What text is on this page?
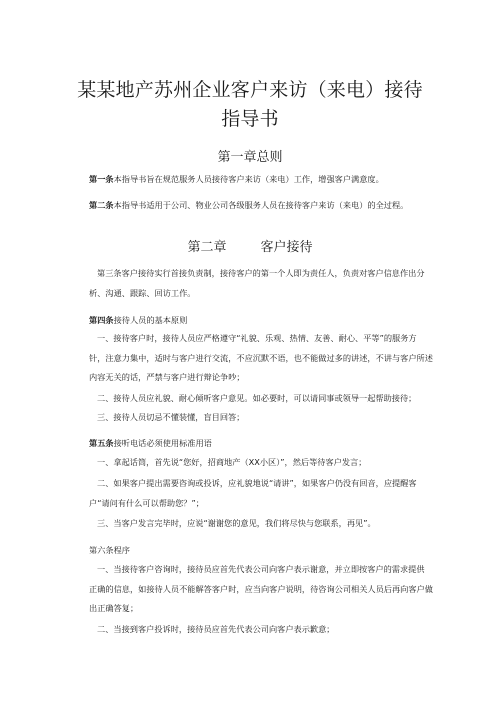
某某地产苏州企业客户来访（来电）接待
指导书
第一章总则
第一条本指导书旨在规范服务人员接待客户来访（来电）工作，增强客户满意度。
第二条本指导书适用于公司、物业公司各级服务人员在接待客户来访（来电）的全过程。
第二章	客户接待
第三条客户接待实行首接负责制，接待客户的第一个人即为责任人，负责对客户信息作出分
析、沟通、跟踪、回访工作。
第四条接待人员的基本原则
一、接待客户时，接待人员应严格遵守“礼貌、乐观、热情、友善、耐心、平等”的服务方
针，注意力集中，适时与客户进行交流，不应沉默不语，也不能做过多的讲述，不讲与客户所述
内容无关的话，严禁与客户进行辩论争吵；
二、接待人员应礼貌、耐心倾听客户意见。如必要时，可以请同事或领导一起帮助接待；
三、接待人员切忌不懂装懂，盲目回答；
第五条接听电话必须使用标准用语
一、拿起话筒，首先说“您好，招商地产（XX小区）”，然后等待客户发言；
二、如果客户提出需要咨询或投诉，应礼貌地说“请讲”，如果客户仍没有回音，应提醒客
户“请问有什么可以帮助您？”；
三、当客户发言完毕时，应说“谢谢您的意见，我们将尽快与您联系，再见”。
第六条程序
一、当接待客户咨询时，接待员应首先代表公司向客户表示谢意，并立即按客户的需求提供
正确的信息，如接待人员不能解答客户时，应当向客户说明，待咨询公司相关人员后再向客户做
出正确答复；
二、当接到客户投诉时，接待员应首先代表公司向客户表示歉意；
